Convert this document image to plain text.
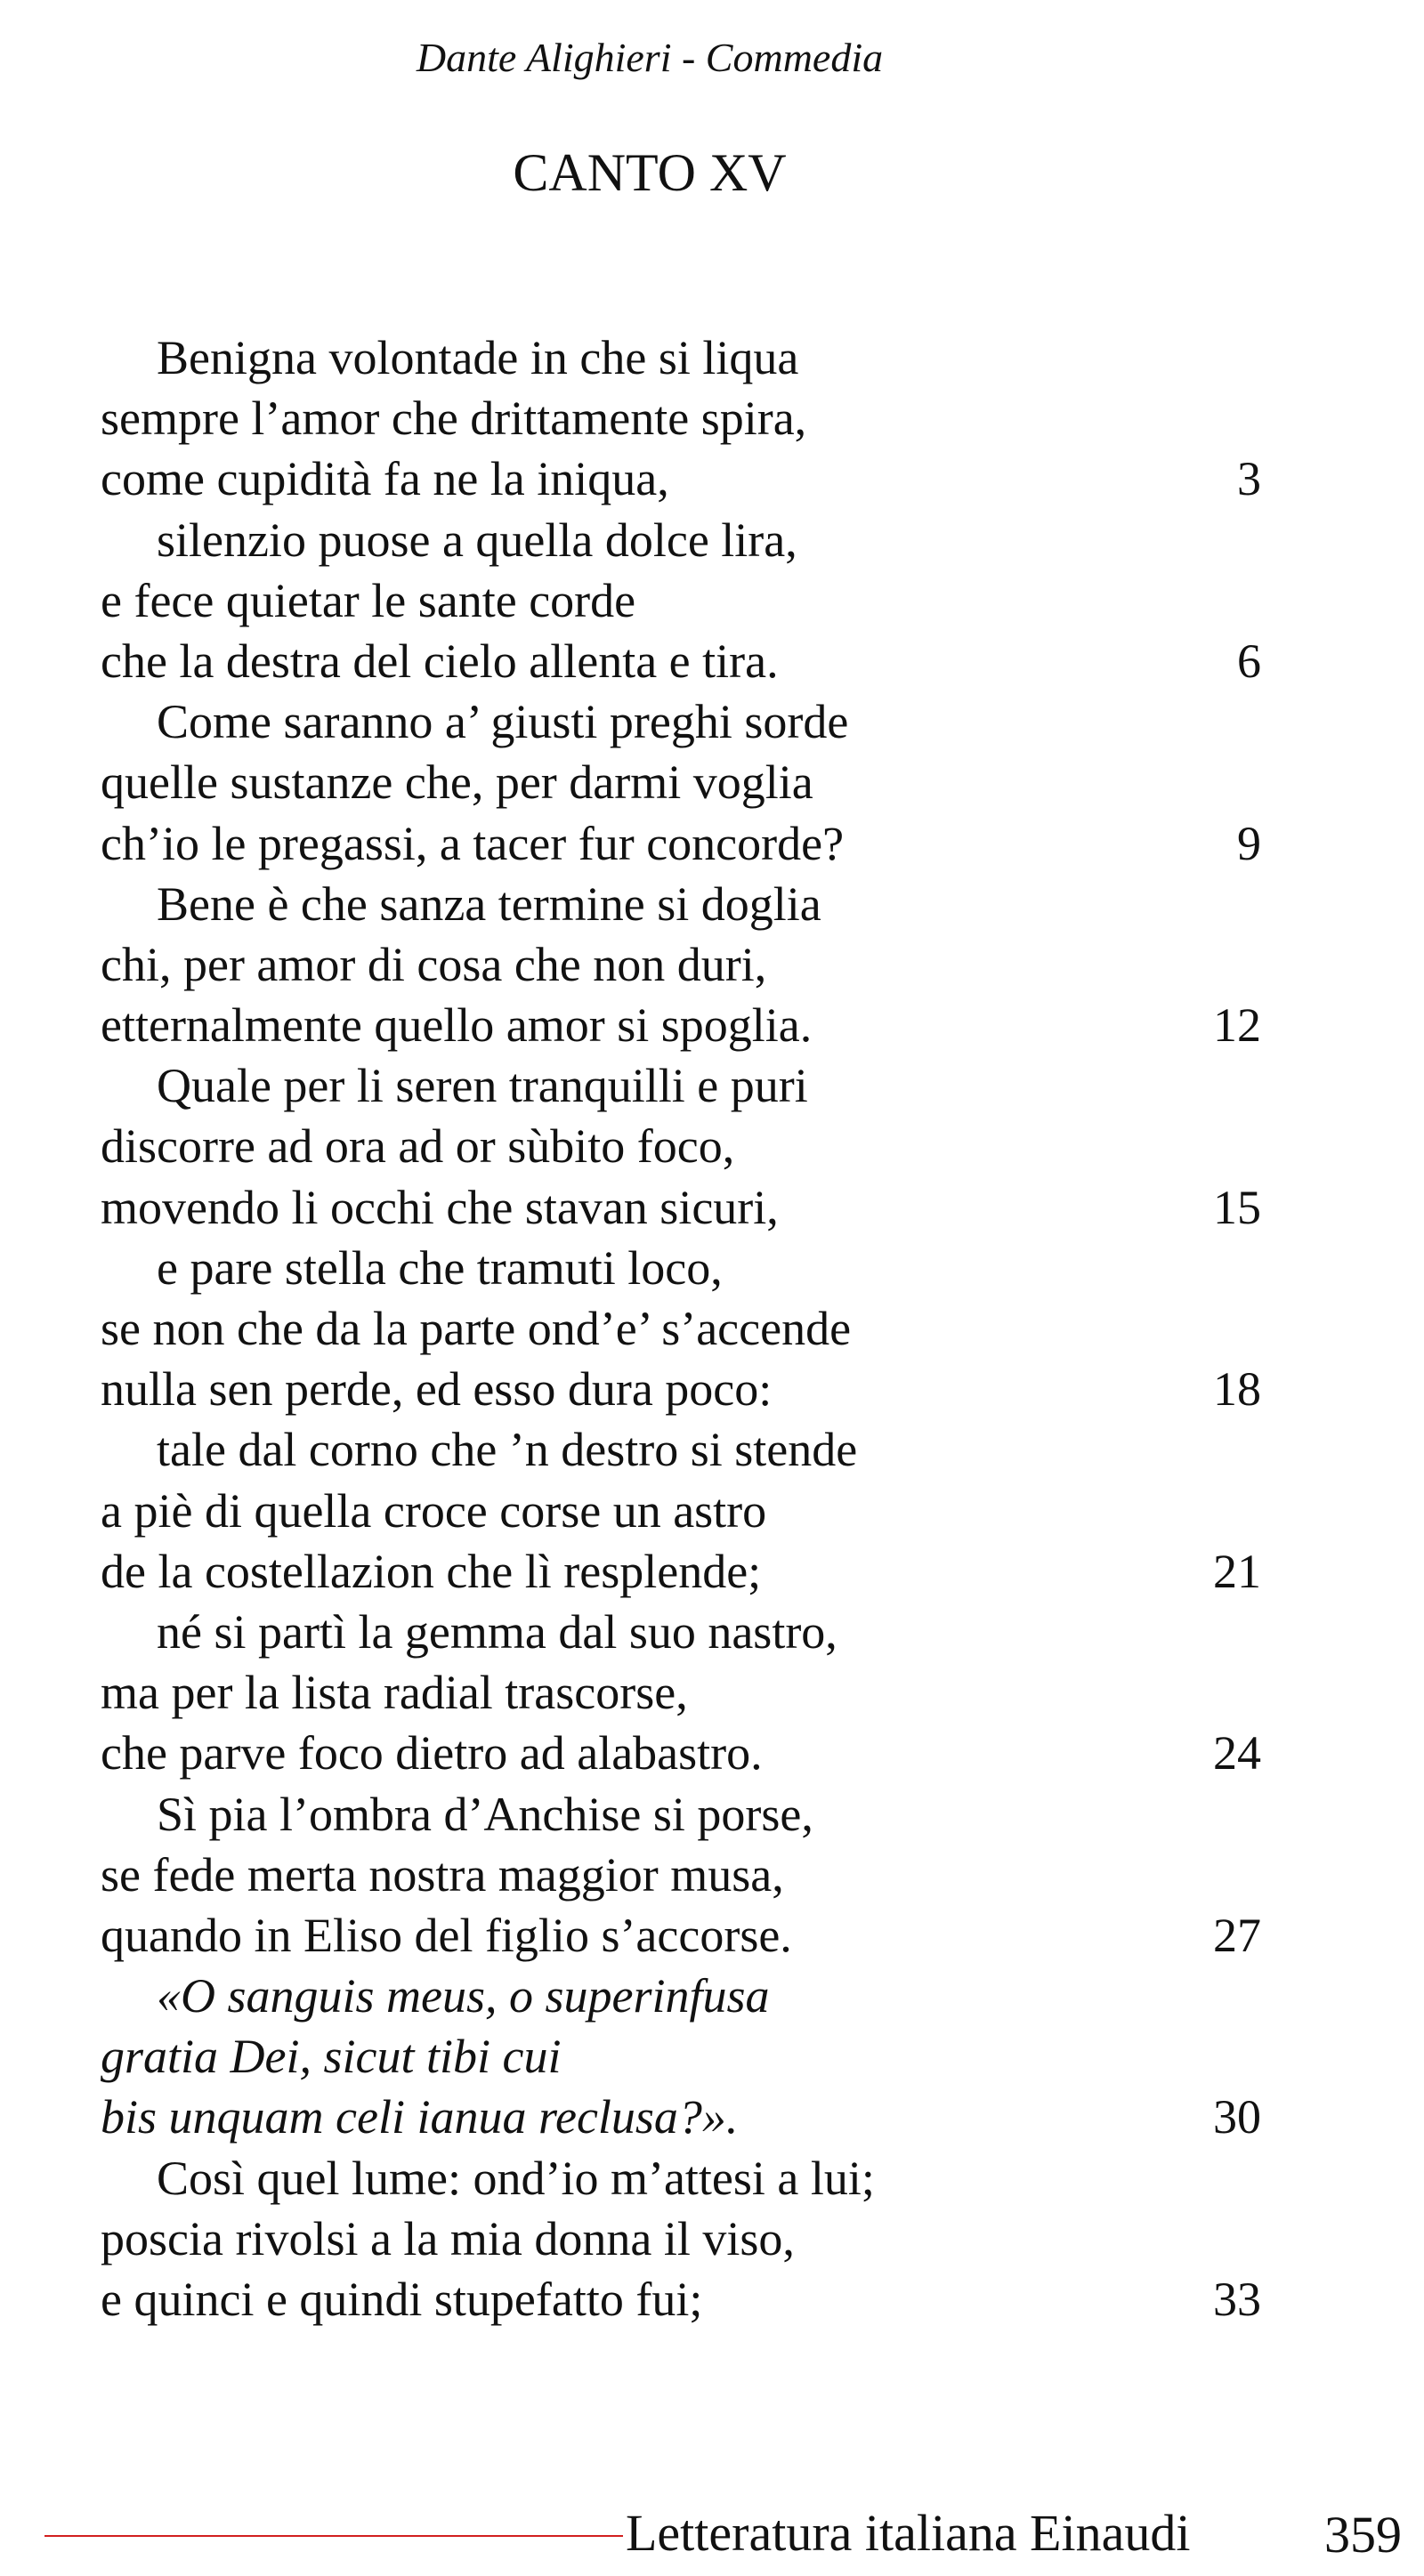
Dante Alighieri - Commedia
CANTO XV
Benigna volontade in che si liqua
sempre l’amor che drittamente spira,
come cupidità fa ne la iniqua,	3
silenzio puose a quella dolce lira,
e fece quietar le sante corde
che la destra del cielo allenta e tira.	6
Come saranno a’ giusti preghi sorde
quelle sustanze che, per darmi voglia
ch’io le pregassi, a tacer fur concorde?	9
Bene è che sanza termine si doglia
chi, per amor di cosa che non duri,
etternalmente quello amor si spoglia.	12
Quale per li seren tranquilli e puri
discorre ad ora ad or sùbito foco,
movendo li occhi che stavan sicuri,	15
e pare stella che tramuti loco,
se non che da la parte ond’e’ s’accende
nulla sen perde, ed esso dura poco:	18
tale dal corno che ’n destro si stende
a piè di quella croce corse un astro
de la costellazion che lì resplende;	21
né si partì la gemma dal suo nastro,
ma per la lista radial trascorse,
che parve foco dietro ad alabastro.	24
Sì pia l’ombra d’Anchise si porse,
se fede merta nostra maggior musa,
quando in Eliso del figlio s’accorse.	27
«O sanguis meus, o superinfusa
gratia Dei, sicut tibi cui
bis unquam celi ianua reclusa?».	30
Così quel lume: ond’io m’attesi a lui;
poscia rivolsi a la mia donna il viso,
e quinci e quindi stupefatto fui;	33
Letteratura italiana Einaudi	359
